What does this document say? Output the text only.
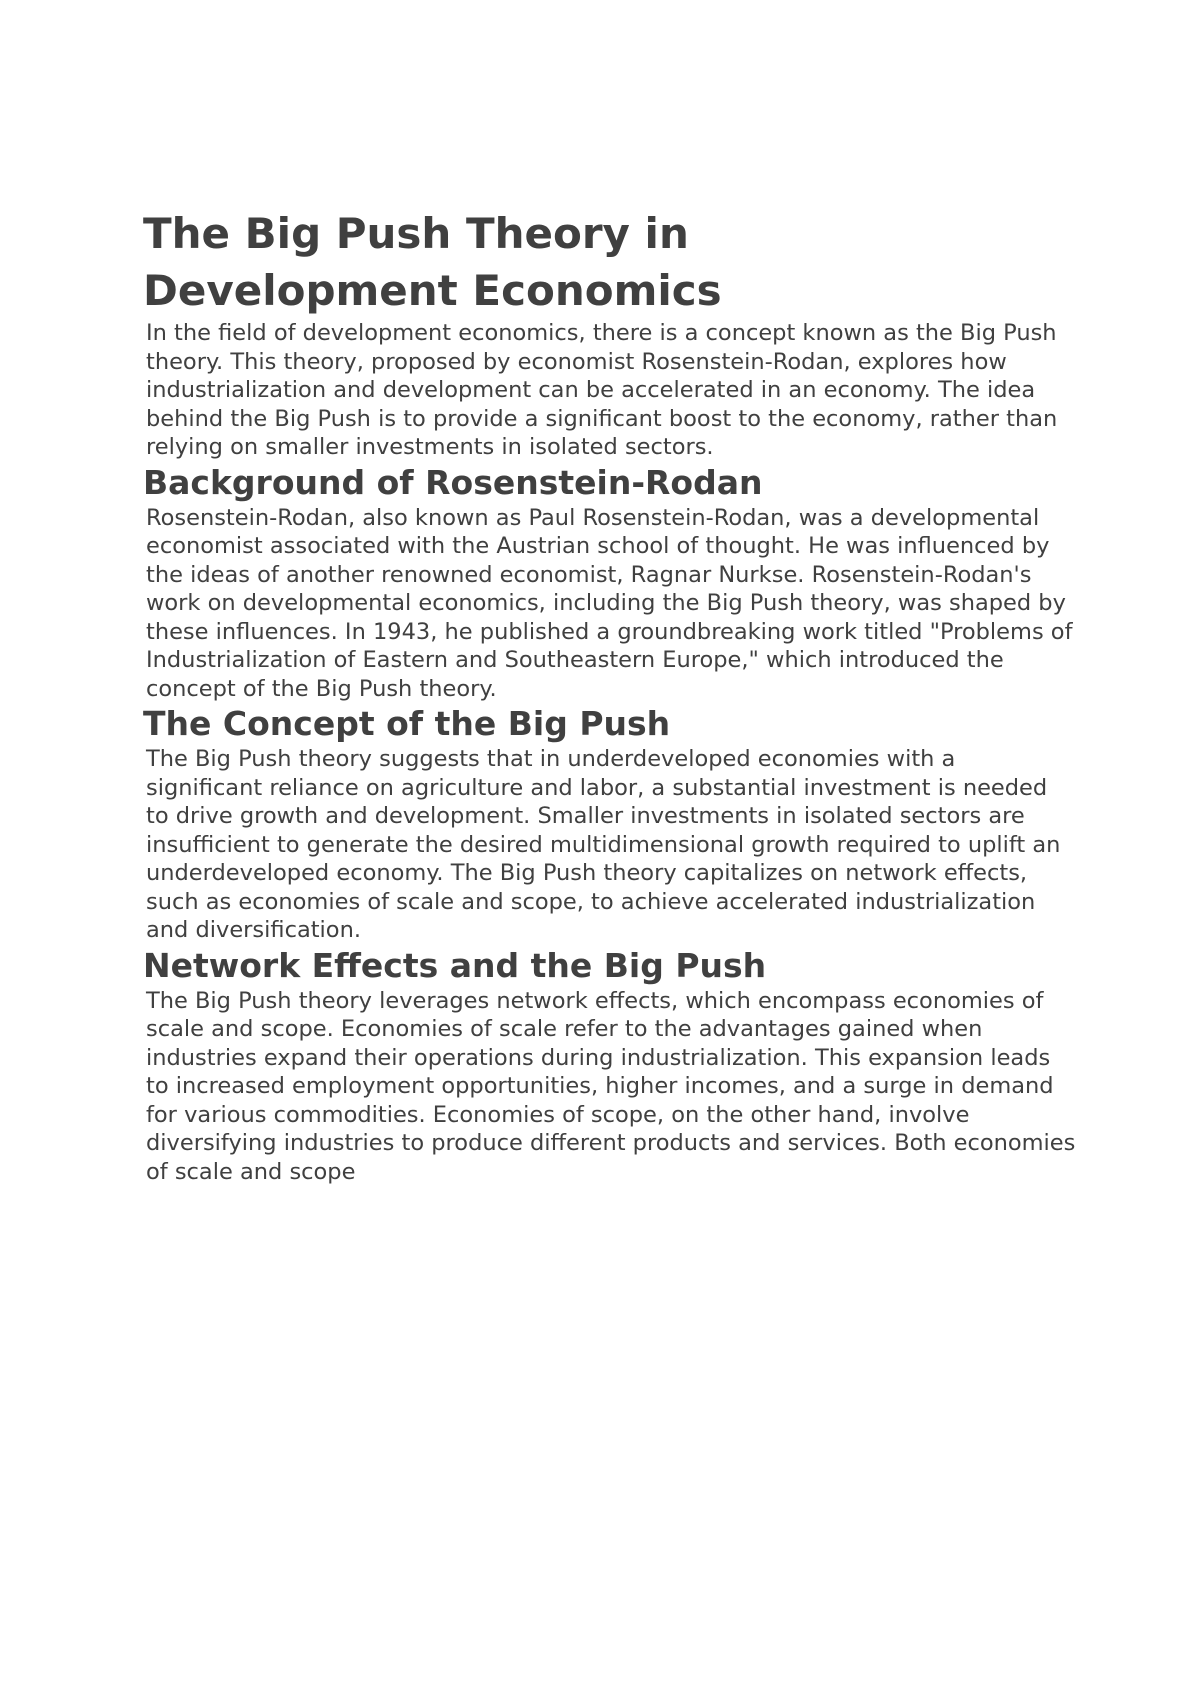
The Big Push Theory in Development Economics

In the field of development economics, there is a concept known as the Big Push theory. This theory, proposed by economist Rosenstein-Rodan, explores how industrialization and development can be accelerated in an economy. The idea behind the Big Push is to provide a significant boost to the economy, rather than relying on smaller investments in isolated sectors.

Background of Rosenstein-Rodan

Rosenstein-Rodan, also known as Paul Rosenstein-Rodan, was a developmental economist associated with the Austrian school of thought. He was influenced by the ideas of another renowned economist, Ragnar Nurkse. Rosenstein-Rodan's work on developmental economics, including the Big Push theory, was shaped by these influences. In 1943, he published a groundbreaking work titled "Problems of Industrialization of Eastern and Southeastern Europe," which introduced the concept of the Big Push theory.

The Concept of the Big Push

The Big Push theory suggests that in underdeveloped economies with a significant reliance on agriculture and labor, a substantial investment is needed to drive growth and development. Smaller investments in isolated sectors are insufficient to generate the desired multidimensional growth required to uplift an underdeveloped economy. The Big Push theory capitalizes on network effects, such as economies of scale and scope, to achieve accelerated industrialization and diversification.

Network Effects and the Big Push

The Big Push theory leverages network effects, which encompass economies of scale and scope. Economies of scale refer to the advantages gained when industries expand their operations during industrialization. This expansion leads to increased employment opportunities, higher incomes, and a surge in demand for various commodities. Economies of scope, on the other hand, involve diversifying industries to produce different products and services. Both economies of scale and scope
